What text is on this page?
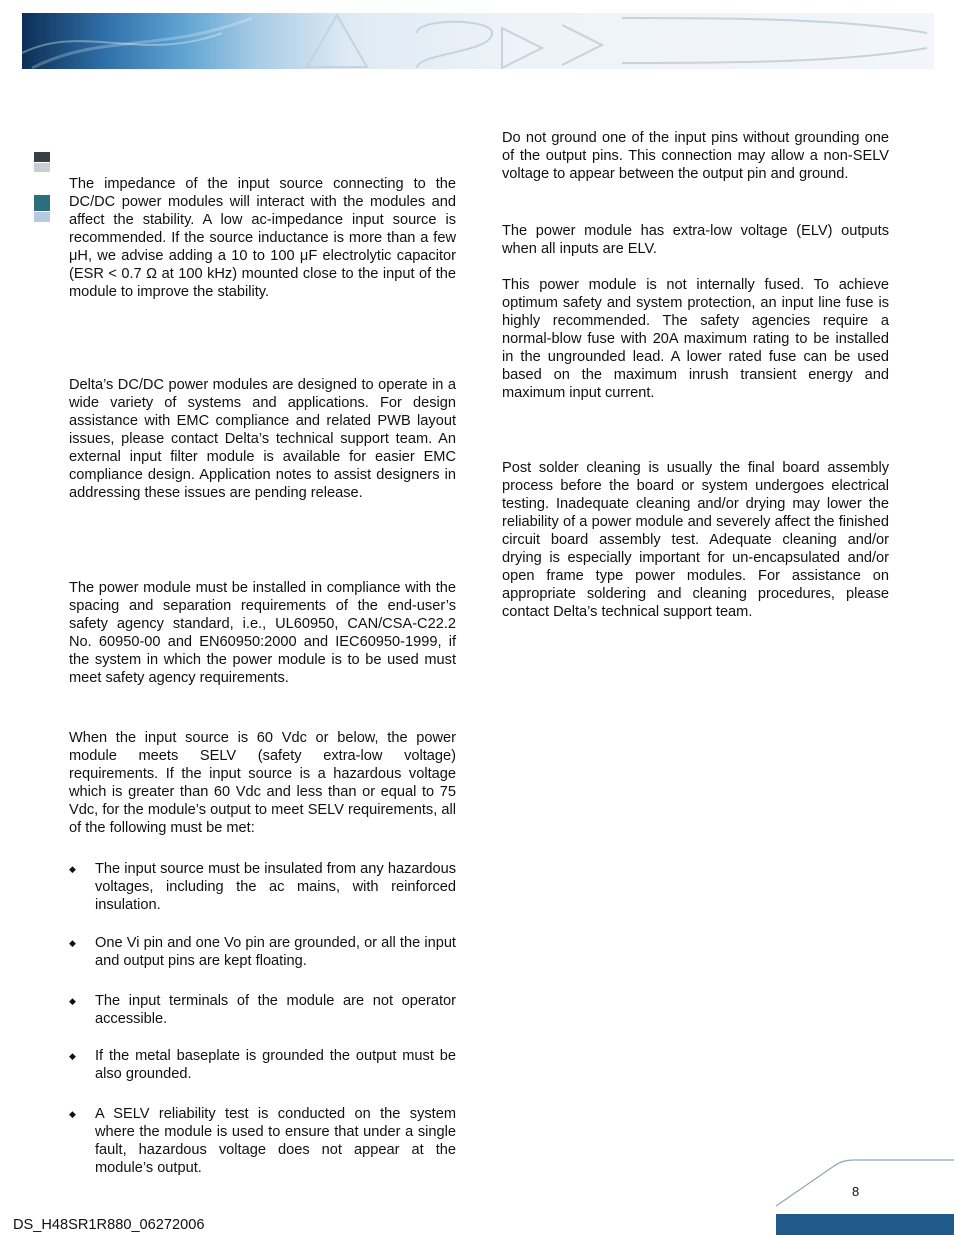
The impedance of the input source connecting to the DC/DC power modules will interact with the modules and affect the stability. A low ac-impedance input source is recommended. If the source inductance is more than a few μH, we advise adding a 10 to 100 μF electrolytic capacitor (ESR < 0.7 Ω at 100 kHz) mounted close to the input of the module to improve the stability.

Delta’s DC/DC power modules are designed to operate in a wide variety of systems and applications. For design assistance with EMC compliance and related PWB layout issues, please contact Delta’s technical support team. An external input filter module is available for easier EMC compliance design. Application notes to assist designers in addressing these issues are pending release.

The power module must be installed in compliance with the spacing and separation requirements of the end-user’s safety agency standard, i.e., UL60950, CAN/CSA-C22.2 No. 60950-00 and EN60950:2000 and IEC60950-1999, if the system in which the power module is to be used must meet safety agency requirements.

When the input source is 60 Vdc or below, the power module meets SELV (safety extra-low voltage) requirements. If the input source is a hazardous voltage which is greater than 60 Vdc and less than or equal to 75 Vdc, for the module’s output to meet SELV requirements, all of the following must be met:

◆ The input source must be insulated from any hazardous voltages, including the ac mains, with reinforced insulation.

◆ One Vi pin and one Vo pin are grounded, or all the input and output pins are kept floating.

◆ The input terminals of the module are not operator accessible.

◆ If the metal baseplate is grounded the output must be also grounded.

◆ A SELV reliability test is conducted on the system where the module is used to ensure that under a single fault, hazardous voltage does not appear at the module’s output.

Do not ground one of the input pins without grounding one of the output pins. This connection may allow a non-SELV voltage to appear between the output pin and ground.

The power module has extra-low voltage (ELV) outputs when all inputs are ELV.

This power module is not internally fused. To achieve optimum safety and system protection, an input line fuse is highly recommended. The safety agencies require a normal-blow fuse with 20A maximum rating to be installed in the ungrounded lead. A lower rated fuse can be used based on the maximum inrush transient energy and maximum input current.

Post solder cleaning is usually the final board assembly process before the board or system undergoes electrical testing. Inadequate cleaning and/or drying may lower the reliability of a power module and severely affect the finished circuit board assembly test. Adequate cleaning and/or drying is especially important for un-encapsulated and/or open frame type power modules. For assistance on appropriate soldering and cleaning procedures, please contact Delta’s technical support team.

8
DS_H48SR1R880_06272006
